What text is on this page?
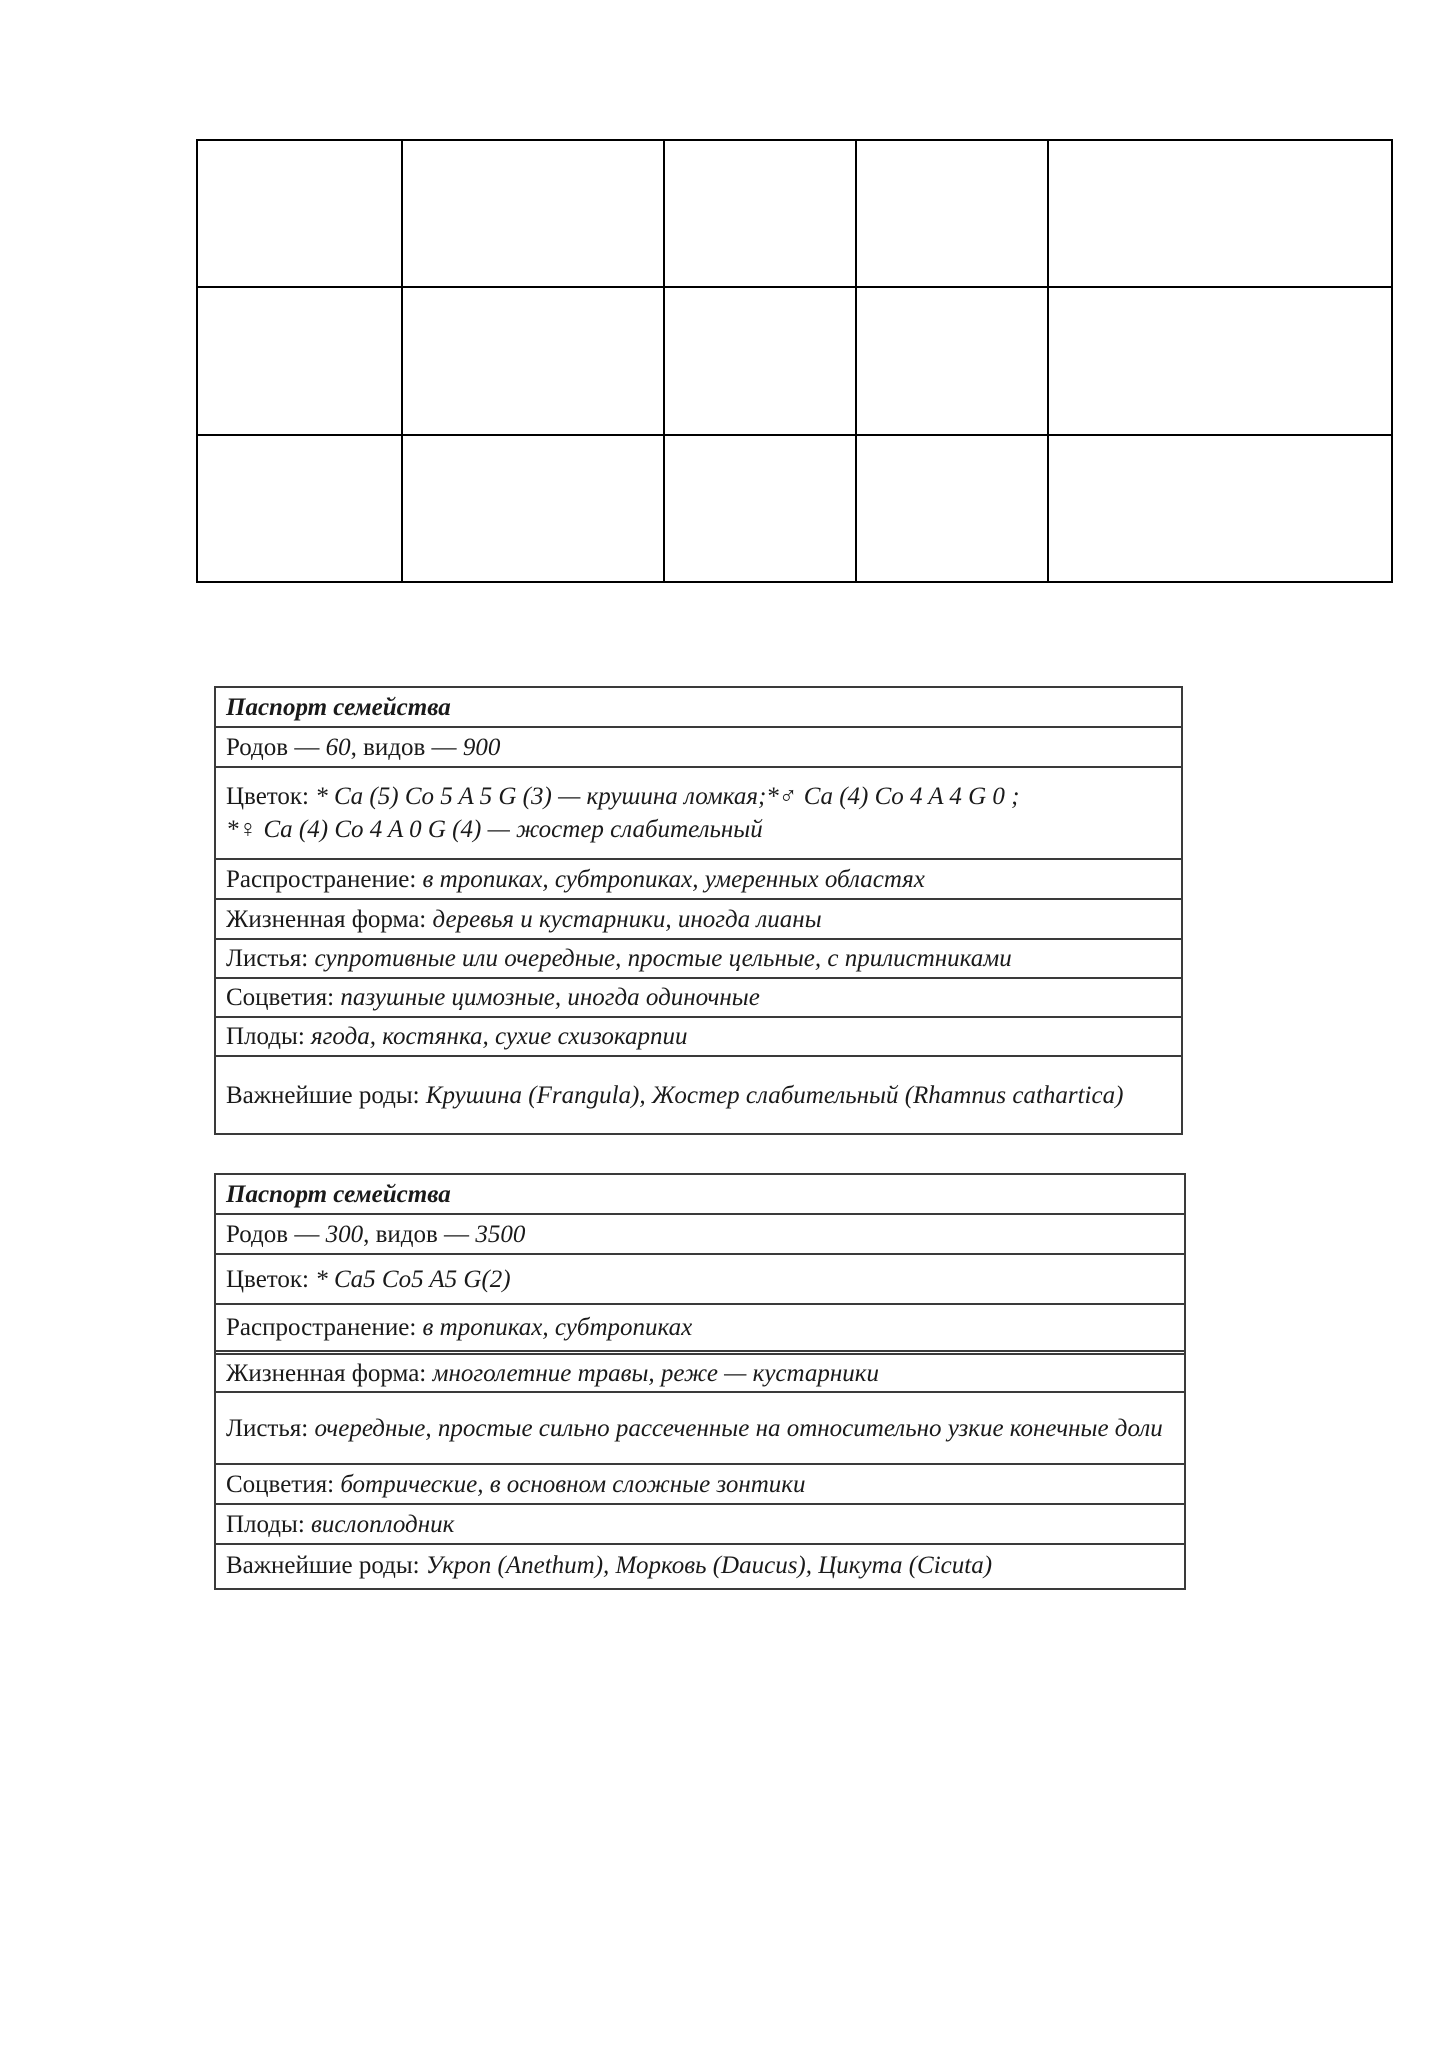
Паспорт семейства
Родов — 60, видов — 900
Цветок: * Ca (5) Co 5 A 5 G (3) — крушина ломкая;*♂ Ca (4) Co 4 A 4 G 0 ;
*♀ Ca (4) Co 4 A 0 G (4) — жостер слабительный
Распространение: в тропиках, субтропиках, умеренных областях
Жизненная форма: деревья и кустарники, иногда лианы
Листья: супротивные или очередные, простые цельные, с прилистниками
Соцветия: пазушные цимозные, иногда одиночные
Плоды: ягода, костянка, сухие схизокарпии
Важнейшие роды: Крушина (Frangula), Жостер слабительный (Rhamnus cathartica)
Паспорт семейства
Родов — 300, видов — 3500
Цветок: * Ca5 Co5 A5 G(2)
Распространение: в тропиках, субтропиках
Жизненная форма: многолетние травы, реже — кустарники
Листья: очередные, простые сильно рассеченные на относительно узкие конечные доли
Соцветия: ботрические, в основном сложные зонтики
Плоды: вислоплодник
Важнейшие роды: Укроп (Anethum), Морковь (Daucus), Цикута (Cicuta)
